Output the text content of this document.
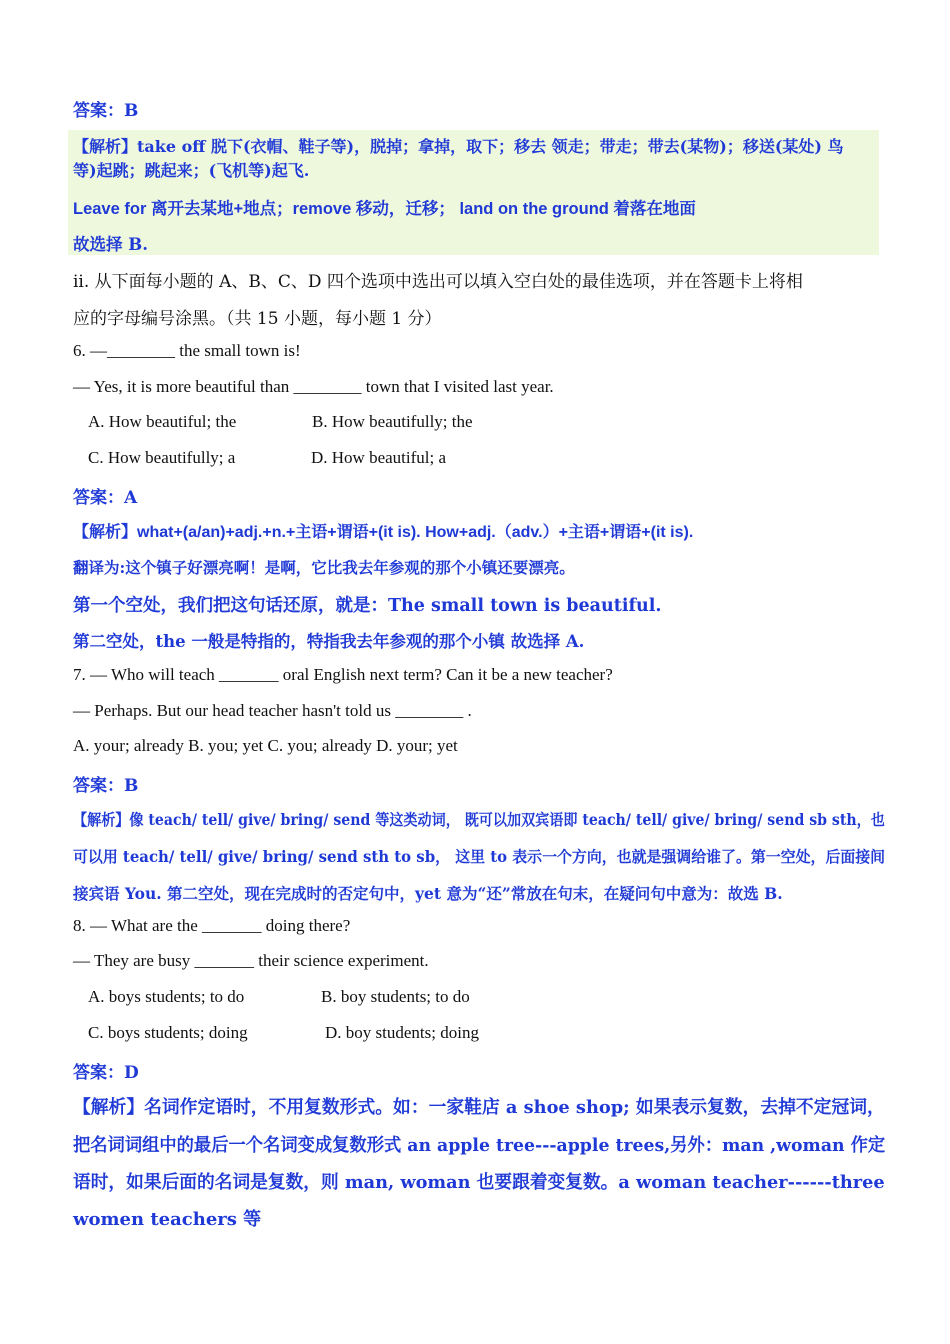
答案：B
【解析】take off 脱下(衣帽、鞋子等)，脱掉；拿掉，取下；移去 领走；带走；带去(某物)；移送(某处) 鸟
等)起跳；跳起来；(飞机等)起飞.
Leave for 离开去某地+地点；remove 移动，迁移； land on the ground 着落在地面
故选择 B.
ii. 从下面每小题的 A、B、C、D 四个选项中选出可以填入空白处的最佳选项，并在答题卡上将相
应的字母编号涂黑。（共 15 小题，每小题 1 分）
6. —________ the small town is!
— Yes, it is more beautiful than ________ town that I visited last year.
A. How beautiful; the	B. How beautifully; the
C. How beautifully; a	D. How beautiful; a
答案：A
【解析】what+(a/an)+adj.+n.+主语+谓语+(it is). How+adj.（adv.）+主语+谓语+(it is).
翻译为:这个镇子好漂亮啊！是啊，它比我去年参观的那个小镇还要漂亮。
第一个空处，我们把这句话还原，就是：The small town is beautiful.
第二空处，the 一般是特指的，特指我去年参观的那个小镇 故选择 A.
7. — Who will teach _______ oral English next term? Can it be a new teacher?
— Perhaps. But our head teacher hasn't told us ________ .
A. your; already B. you; yet C. you; already D. your; yet
答案：B
【解析】像 teach/ tell/ give/ bring/ send 等这类动词， 既可以加双宾语即 teach/ tell/ give/ bring/ send sb sth，也
可以用 teach/ tell/ give/ bring/ send sth to sb， 这里 to 表示一个方向，也就是强调给谁了。第一空处，后面接间
接宾语 You. 第二空处，现在完成时的否定句中，yet 意为“还”常放在句末，在疑问句中意为：故选 B.
8. — What are the _______ doing there?
— They are busy _______ their science experiment.
A. boys students; to do	B. boy students; to do
C. boys students; doing	D. boy students; doing
答案：D
【解析】名词作定语时，不用复数形式。如：一家鞋店 a shoe shop; 如果表示复数，去掉不定冠词，
把名词词组中的最后一个名词变成复数形式 an apple tree---apple trees,另外：man ,woman 作定
语时，如果后面的名词是复数，则 man, woman 也要跟着变复数。a woman teacher------three
women teachers 等
